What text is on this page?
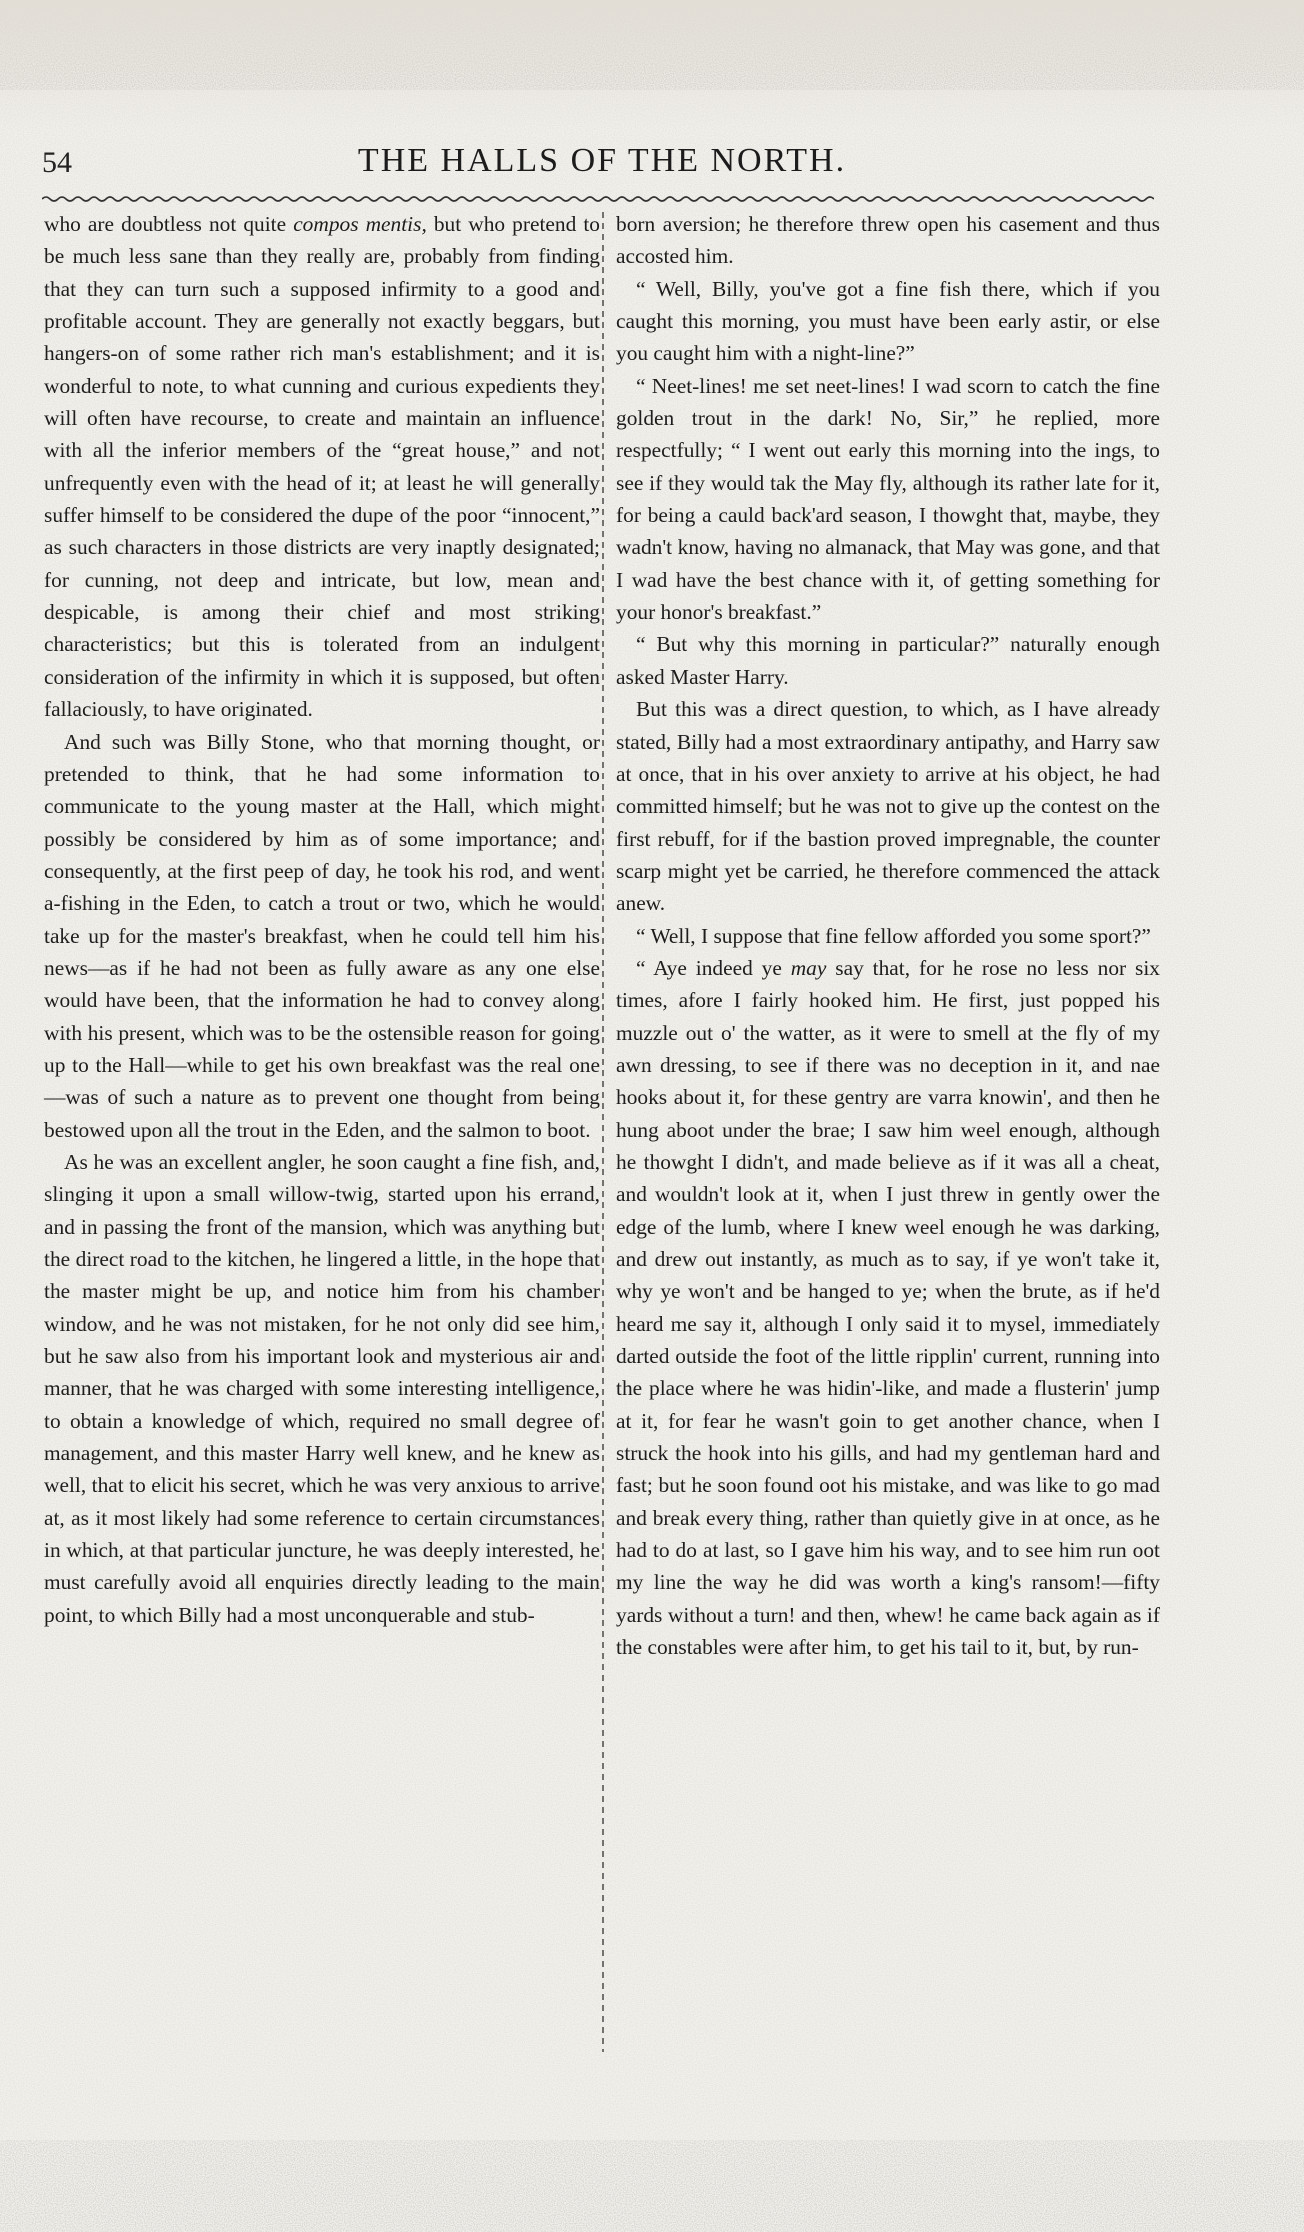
54	THE HALLS OF THE NORTH.

who are doubtless not quite compos mentis, but who pretend to be much less sane than they really are, probably from finding that they can turn such a supposed infirmity to a good and profitable account. They are generally not exactly beggars, but hangers-on of some rather rich man's establishment; and it is wonderful to note, to what cunning and curious expedients they will often have recourse, to create and maintain an influence with all the inferior members of the “great house,” and not unfrequently even with the head of it; at least he will generally suffer himself to be considered the dupe of the poor “innocent,” as such characters in those districts are very inaptly designated; for cunning, not deep and intricate, but low, mean and despicable, is among their chief and most striking characteristics; but this is tolerated from an indulgent consideration of the infirmity in which it is supposed, but often fallaciously, to have originated.

And such was Billy Stone, who that morning thought, or pretended to think, that he had some information to communicate to the young master at the Hall, which might possibly be considered by him as of some importance; and consequently, at the first peep of day, he took his rod, and went a-fishing in the Eden, to catch a trout or two, which he would take up for the master's breakfast, when he could tell him his news—as if he had not been as fully aware as any one else would have been, that the information he had to convey along with his present, which was to be the ostensible reason for going up to the Hall—while to get his own breakfast was the real one—was of such a nature as to prevent one thought from being bestowed upon all the trout in the Eden, and the salmon to boot.

As he was an excellent angler, he soon caught a fine fish, and, slinging it upon a small willow-twig, started upon his errand, and in passing the front of the mansion, which was anything but the direct road to the kitchen, he lingered a little, in the hope that the master might be up, and notice him from his chamber window, and he was not mistaken, for he not only did see him, but he saw also from his important look and mysterious air and manner, that he was charged with some interesting intelligence, to obtain a knowledge of which, required no small degree of management, and this master Harry well knew, and he knew as well, that to elicit his secret, which he was very anxious to arrive at, as it most likely had some reference to certain circumstances in which, at that particular juncture, he was deeply interested, he must carefully avoid all enquiries directly leading to the main point, to which Billy had a most unconquerable and stub-

born aversion; he therefore threw open his casement and thus accosted him.

“ Well, Billy, you've got a fine fish there, which if you caught this morning, you must have been early astir, or else you caught him with a night-line?”

“ Neet-lines! me set neet-lines! I wad scorn to catch the fine golden trout in the dark! No, Sir,” he replied, more respectfully; “ I went out early this morning into the ings, to see if they would tak the May fly, although its rather late for it, for being a cauld back'ard season, I thowght that, maybe, they wadn't know, having no almanack, that May was gone, and that I wad have the best chance with it, of getting something for your honor's breakfast.”

“ But why this morning in particular?” naturally enough asked Master Harry.

But this was a direct question, to which, as I have already stated, Billy had a most extraordinary antipathy, and Harry saw at once, that in his over anxiety to arrive at his object, he had committed himself; but he was not to give up the contest on the first rebuff, for if the bastion proved impregnable, the counter scarp might yet be carried, he therefore commenced the attack anew.

“ Well, I suppose that fine fellow afforded you some sport?”

“ Aye indeed ye may say that, for he rose no less nor six times, afore I fairly hooked him. He first, just popped his muzzle out o' the watter, as it were to smell at the fly of my awn dressing, to see if there was no deception in it, and nae hooks about it, for these gentry are varra knowin', and then he hung aboot under the brae; I saw him weel enough, although he thowght I didn't, and made believe as if it was all a cheat, and wouldn't look at it, when I just threw in gently ower the edge of the lumb, where I knew weel enough he was darking, and drew out instantly, as much as to say, if ye won't take it, why ye won't and be hanged to ye; when the brute, as if he'd heard me say it, although I only said it to mysel, immediately darted outside the foot of the little ripplin' current, running into the place where he was hidin'-like, and made a flusterin' jump at it, for fear he wasn't goin to get another chance, when I struck the hook into his gills, and had my gentleman hard and fast; but he soon found oot his mistake, and was like to go mad and break every thing, rather than quietly give in at once, as he had to do at last, so I gave him his way, and to see him run oot my line the way he did was worth a king's ransom!—fifty yards without a turn! and then, whew! he came back again as if the constables were after him, to get his tail to it, but, by run-
